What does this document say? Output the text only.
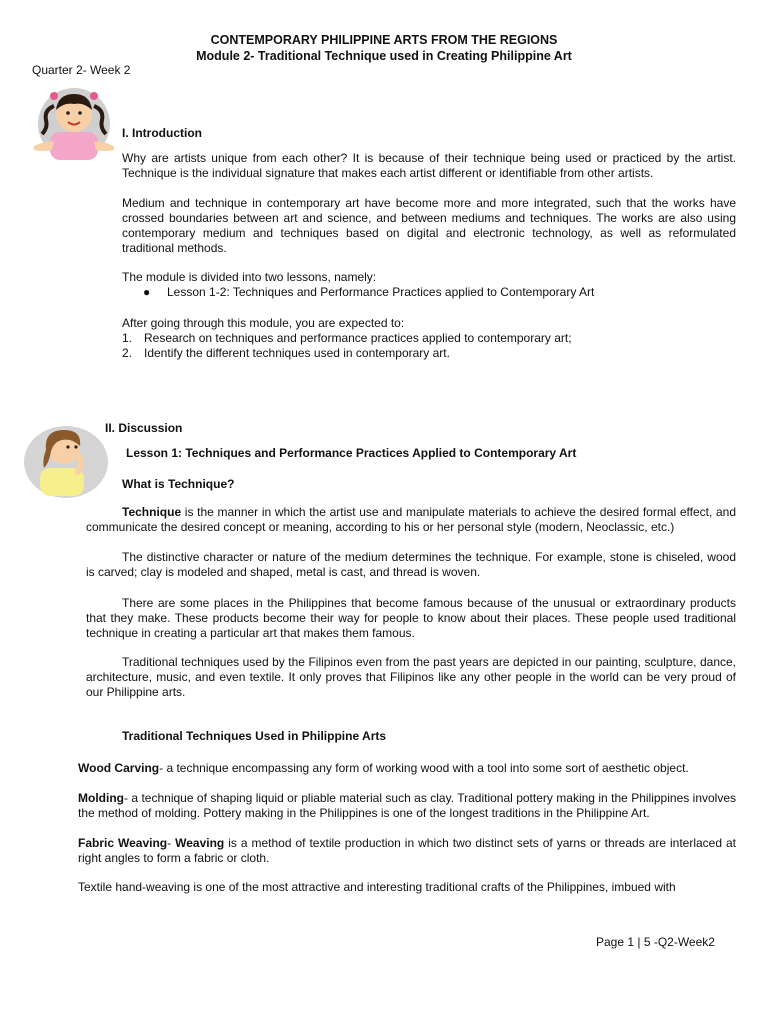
CONTEMPORARY PHILIPPINE ARTS FROM THE REGIONS
Module 2- Traditional Technique used in Creating Philippine Art
Quarter 2- Week 2
I. Introduction

Why are artists unique from each other? It is because of their technique being used or practiced by the artist. Technique is the individual signature that makes each artist different or identifiable from other artists.

Medium and technique in contemporary art have become more and more integrated, such that the works have crossed boundaries between art and science, and between mediums and techniques. The works are also using contemporary medium and techniques based on digital and electronic technology, as well as reformulated traditional methods.

The module is divided into two lessons, namely:

● Lesson 1-2: Techniques and Performance Practices applied to Contemporary Art

After going through this module, you are expected to:

1. Research on techniques and performance practices applied to contemporary art;
2. Identify the different techniques used in contemporary art.
II. Discussion
Lesson 1: Techniques and Performance Practices Applied to Contemporary Art
What is Technique?

Technique is the manner in which the artist use and manipulate materials to achieve the desired formal effect, and communicate the desired concept or meaning, according to his or her personal style (modern, Neoclassic, etc.)

The distinctive character or nature of the medium determines the technique. For example, stone is chiseled, wood is carved; clay is modeled and shaped, metal is cast, and thread is woven.

There are some places in the Philippines that become famous because of the unusual or extraordinary products that they make. These products become their way for people to know about their places. These people used traditional technique in creating a particular art that makes them famous.

Traditional techniques used by the Filipinos even from the past years are depicted in our painting, sculpture, dance, architecture, music, and even textile. It only proves that Filipinos like any other people in the world can be very proud of our Philippine arts.

Traditional Techniques Used in Philippine Arts

Wood Carving- a technique encompassing any form of working wood with a tool into some sort of aesthetic object.

Molding- a technique of shaping liquid or pliable material such as clay. Traditional pottery making in the Philippines involves the method of molding. Pottery making in the Philippines is one of the longest traditions in the Philippine Art.

Fabric Weaving- Weaving is a method of textile production in which two distinct sets of yarns or threads are interlaced at right angles to form a fabric or cloth.

Textile hand-weaving is one of the most attractive and interesting traditional crafts of the Philippines, imbued with

Page 1 | 5 -Q2-Week2
